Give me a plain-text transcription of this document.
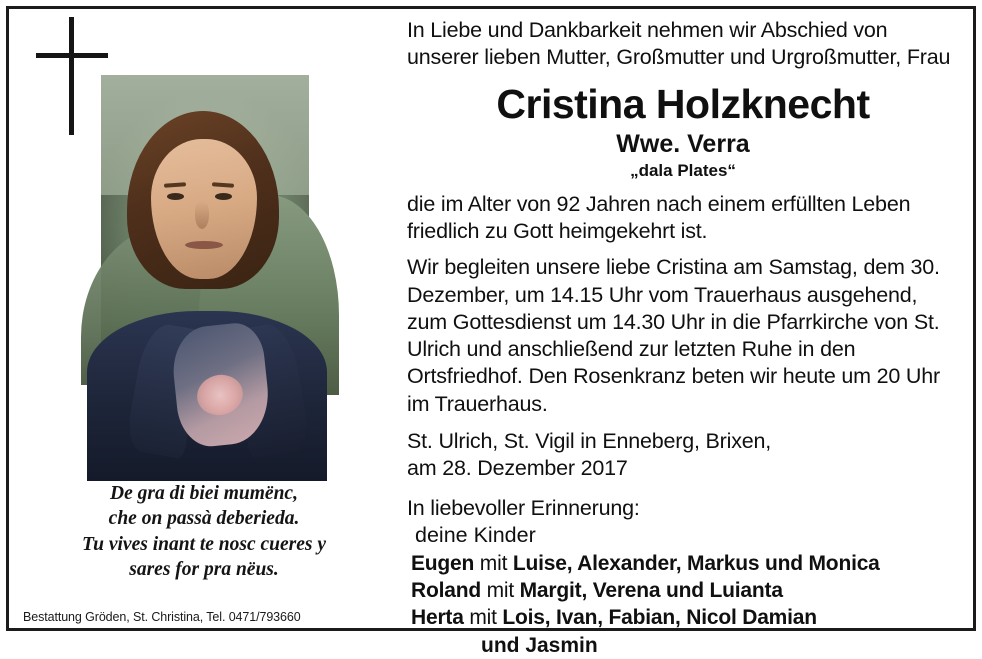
De gra di biei mumënc,
che on passà deberieda.
Tu vives inant te nosc cueres y
sares for pra nëus.
Bestattung Gröden, St. Christina, Tel. 0471/793660
In Liebe und Dankbarkeit nehmen wir Abschied von unserer lieben Mutter, Großmutter und Urgroßmutter, Frau
Cristina Holzknecht
Wwe. Verra
„dala Plates“
die im Alter von 92 Jahren nach einem erfüllten Leben friedlich zu Gott heimgekehrt ist.
Wir begleiten unsere liebe Cristina am Samstag, dem 30. Dezember, um 14.15 Uhr vom Trauerhaus ausgehend, zum Gottesdienst um 14.30 Uhr in die Pfarrkirche von St. Ulrich und anschließend zur letzten Ruhe in den Ortsfriedhof. Den Rosenkranz beten wir heute um 20 Uhr im Trauerhaus.
St. Ulrich, St. Vigil in Enneberg, Brixen,
am 28. Dezember 2017
In liebevoller Erinnerung:
deine Kinder
Eugen mit Luise, Alexander, Markus und Monica
Roland mit Margit, Verena und Luianta
Herta mit Lois, Ivan, Fabian, Nicol Damian
und Jasmin
